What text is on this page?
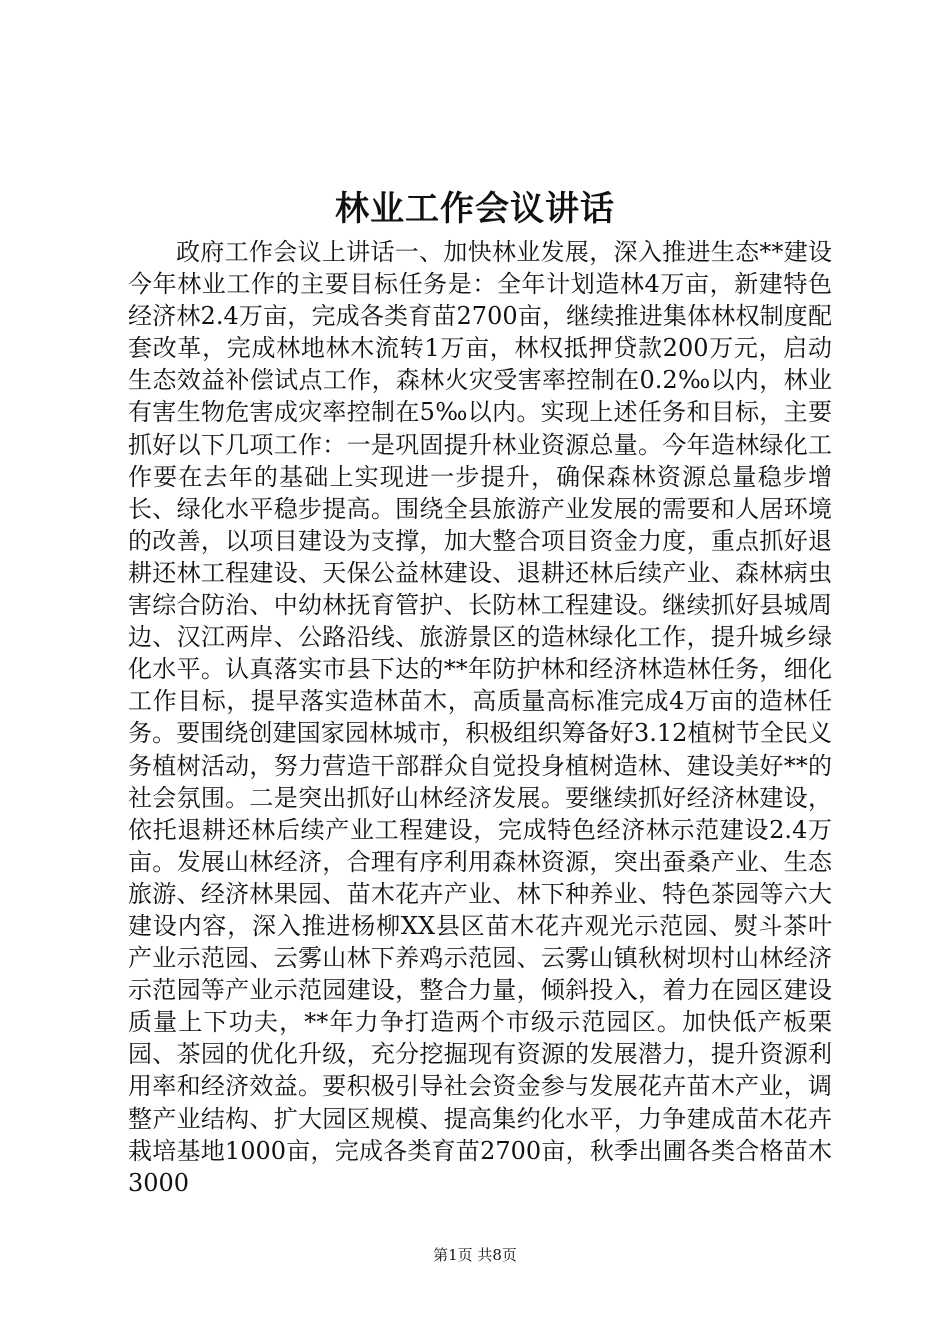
林业工作会议讲话

政府工作会议上讲话一、加快林业发展，深入推进生态**建设今年林业工作的主要目标任务是：全年计划造林4万亩，新建特色经济林2.4万亩，完成各类育苗2700亩，继续推进集体林权制度配套改革，完成林地林木流转1万亩，林权抵押贷款200万元，启动生态效益补偿试点工作，森林火灾受害率控制在0.2‰以内，林业有害生物危害成灾率控制在5‰以内。实现上述任务和目标，主要抓好以下几项工作：一是巩固提升林业资源总量。今年造林绿化工作要在去年的基础上实现进一步提升，确保森林资源总量稳步增长、绿化水平稳步提高。围绕全县旅游产业发展的需要和人居环境的改善，以项目建设为支撑，加大整合项目资金力度，重点抓好退耕还林工程建设、天保公益林建设、退耕还林后续产业、森林病虫害综合防治、中幼林抚育管护、长防林工程建设。继续抓好县城周边、汉江两岸、公路沿线、旅游景区的造林绿化工作，提升城乡绿化水平。认真落实市县下达的**年防护林和经济林造林任务，细化工作目标，提早落实造林苗木，高质量高标准完成4万亩的造林任务。要围绕创建国家园林城市，积极组织筹备好3.12植树节全民义务植树活动，努力营造干部群众自觉投身植树造林、建设美好**的社会氛围。二是突出抓好山林经济发展。要继续抓好经济林建设，依托退耕还林后续产业工程建设，完成特色经济林示范建设2.4万亩。发展山林经济，合理有序利用森林资源，突出蚕桑产业、生态旅游、经济林果园、苗木花卉产业、林下种养业、特色茶园等六大建设内容，深入推进杨柳XX县区苗木花卉观光示范园、熨斗茶叶产业示范园、云雾山林下养鸡示范园、云雾山镇秋树坝村山林经济示范园等产业示范园建设，整合力量，倾斜投入，着力在园区建设质量上下功夫，**年力争打造两个市级示范园区。加快低产板栗园、茶园的优化升级，充分挖掘现有资源的发展潜力，提升资源利用率和经济效益。要积极引导社会资金参与发展花卉苗木产业，调整产业结构、扩大园区规模、提高集约化水平，力争建成苗木花卉栽培基地1000亩，完成各类育苗2700亩，秋季出圃各类合格苗木3000

第1页 共8页
